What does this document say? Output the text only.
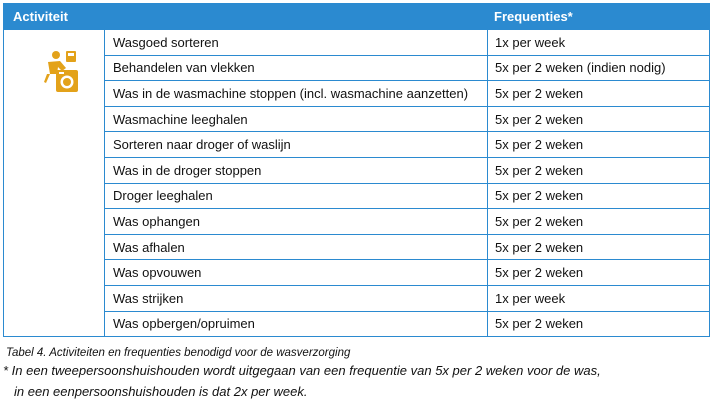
Activiteit		Frequenties*

	Wasgoed sorteren	1x per week
	Behandelen van vlekken	5x per 2 weken (indien nodig)
	Was in de wasmachine stoppen (incl. wasmachine aanzetten)	5x per 2 weken
	Wasmachine leeghalen	5x per 2 weken
	Sorteren naar droger of waslijn	5x per 2 weken
	Was in de droger stoppen	5x per 2 weken
	Droger leeghalen	5x per 2 weken
	Was ophangen	5x per 2 weken
	Was afhalen	5x per 2 weken
	Was opvouwen	5x per 2 weken
	Was strijken	1x per week
	Was opbergen/opruimen	5x per 2 weken
Tabel 4. Activiteiten en frequenties benodigd voor de wasverzorging
* In een tweepersoonshuishouden wordt uitgegaan van een frequentie van 5x per 2 weken voor de was,
in een eenpersoonshuishouden is dat 2x per week.
